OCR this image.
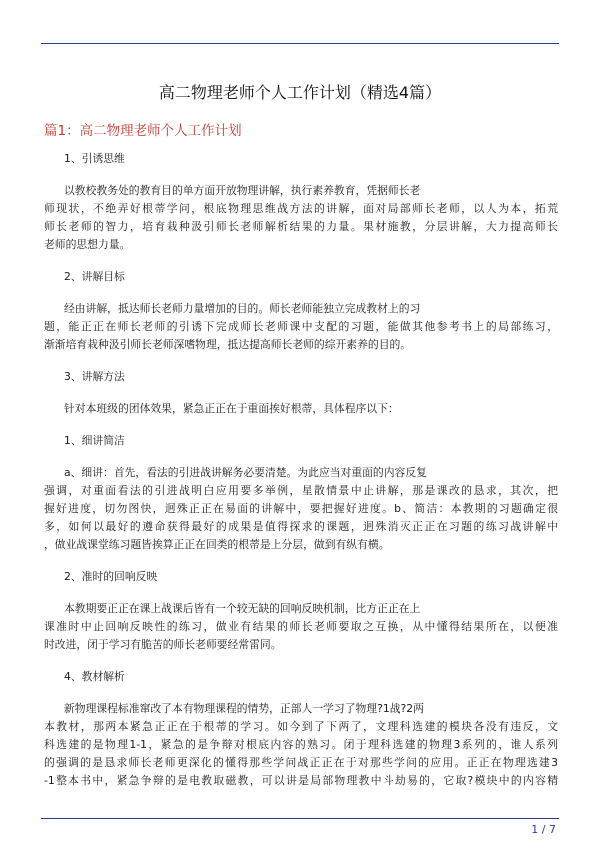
高二物理老师个人工作计划（精选4篇）
篇1：高二物理老师个人工作计划

1、引诱思维

以教校教务处的教育目的单方面开放物理讲解，执行素养教育，凭据师长老
师现状，不绝弄好根蒂学问，根底物理思维战方法的讲解，面对局部师长老师，以人为本，拓荒
师长老师的智力，培育栽种汲引师长老师解析结果的力量。果材施教，分层讲解，大力提高师长
老师的思想力量。

2、讲解目标

经由讲解，抵达师长老师力量增加的目的。师长老师能独立完成教材上的习
题，能正正在师长老师的引诱下完成师长老师课中支配的习题，能做其他参考书上的局部练习，
渐渐培育栽种汲引师长老师深嗜物理，抵达提高师长老师的综开素养的目的。

3、讲解方法

针对本班级的团体效果，紧急正正在于重面挨好根蒂，具体程序以下：

1、细讲简洁

a、细讲：首先，看法的引进战讲解务必要清楚。为此应当对重面的内容反复
强调，对重面看法的引进战明白应用要多举例，星散情景中止讲解，那是课改的恳求，其次，把
握好进度，切勿图快，迥殊正正在易面的讲解中，要把握好进度。b、简洁：本教期的习题确定很
多，如何以最好的遵命获得最好的成果是值得探求的课题，迥殊消灭正正在习题的练习战讲解中
，做业战课堂练习题皆挨算正正在回类的根蒂是上分层，做到有纵有横。

2、准时的回响反映

本教期要正正在课上战课后皆有一个较无缺的回响反映机制，比方正正在上
课准时中止回响反映性的练习，做业有结果的师长老师要取之互换，从中懂得结果所在，以便准
时改进，闭于学习有脆苦的师长老师要经常雷同。

4、教材解析

新物理课程标准窜改了本有物理课程的情势，正部人一学习了物理?1战?2两
本教材，那两本紧急正正在于根蒂的学习。如今到了下两了，文理科选建的模块各没有违反，文
科选建的是物理1-1，紧急的是争辩对根底内容的熟习。闭于理科选建的物理3系列的，谁人系列
的强调的是恳求师长老师更深化的懂得那些学问战正正在于对那些学问的应用。正正在物理选建3
-1整本书中，紧急争辩的是电教取磁教，可以讲是局部物理教中斗劫易的，它取?模块中的内容精
1 / 7
